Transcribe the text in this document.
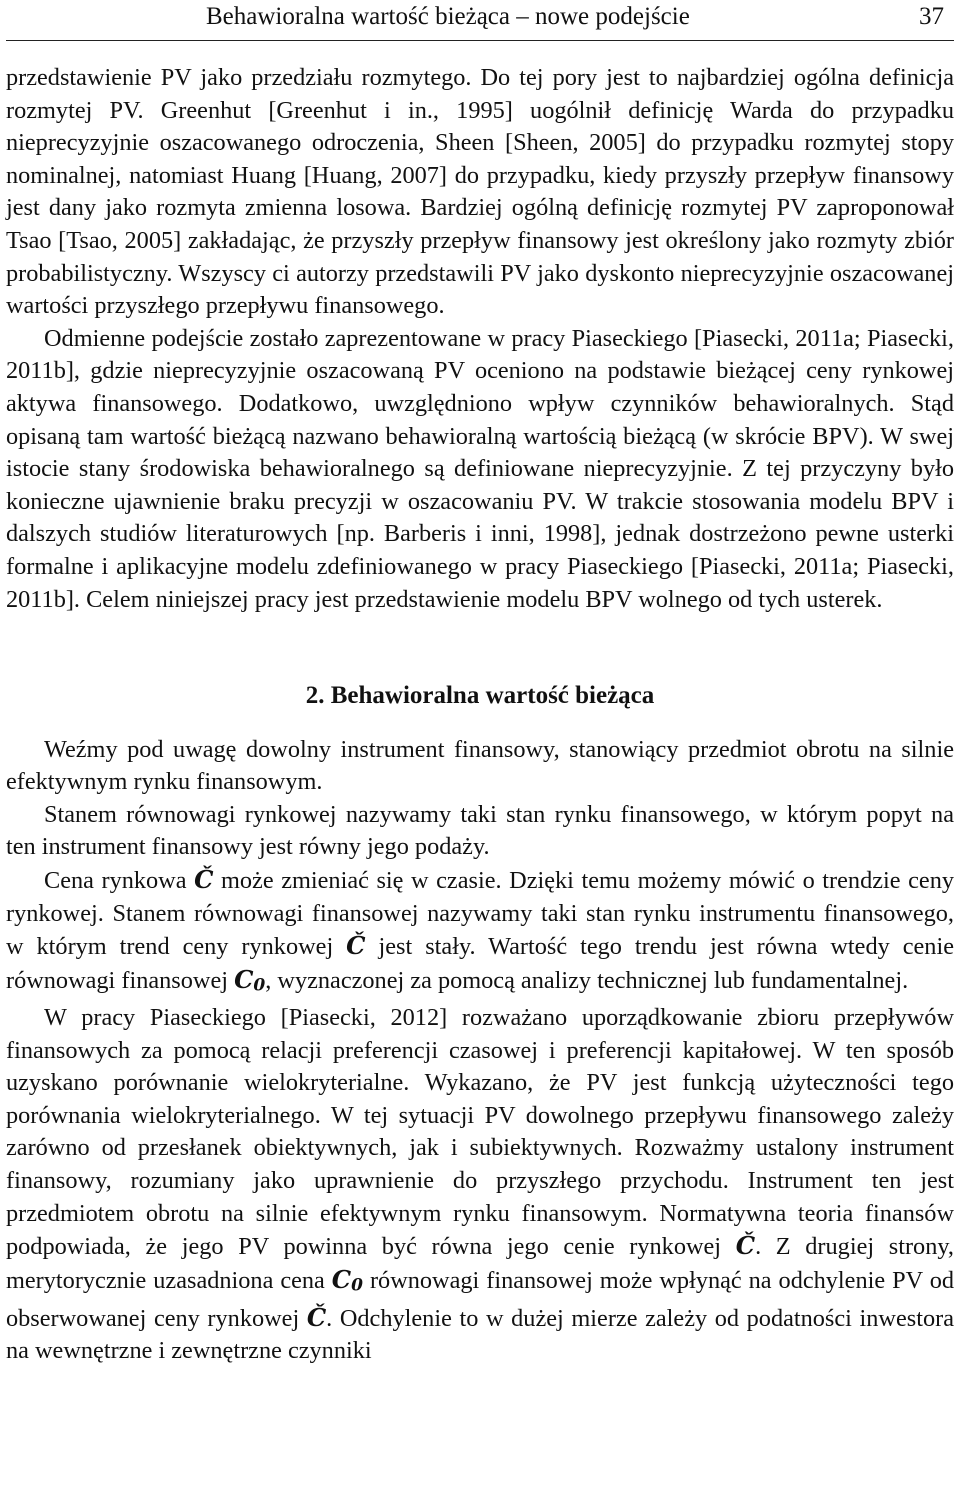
Behawioralna wartość bieżąca – nowe podejście	37

przedstawienie PV jako przedziału rozmytego. Do tej pory jest to najbardziej ogólna definicja rozmytej PV. Greenhut [Greenhut i in., 1995] uogólnił definicję Warda do przypadku nieprecyzyjnie oszacowanego odroczenia, Sheen [Sheen, 2005] do przypadku rozmytej stopy nominalnej, natomiast Huang [Huang, 2007] do przypadku, kiedy przyszły przepływ finansowy jest dany jako rozmyta zmienna losowa. Bardziej ogólną definicję rozmytej PV zaproponował Tsao [Tsao, 2005] zakładając, że przyszły przepływ finansowy jest określony jako rozmyty zbiór probabilistyczny. Wszyscy ci autorzy przedstawili PV jako dyskonto nieprecyzyjnie oszacowanej wartości przyszłego przepływu finansowego.

Odmienne podejście zostało zaprezentowane w pracy Piaseckiego [Piasecki, 2011a; Piasecki, 2011b], gdzie nieprecyzyjnie oszacowaną PV oceniono na podstawie bieżącej ceny rynkowej aktywa finansowego. Dodatkowo, uwzględniono wpływ czynników behawioralnych. Stąd opisaną tam wartość bieżącą nazwano behawioralną wartością bieżącą (w skrócie BPV). W swej istocie stany środowiska behawioralnego są definiowane nieprecyzyjnie. Z tej przyczyny było konieczne ujawnienie braku precyzji w oszacowaniu PV. W trakcie stosowania modelu BPV i dalszych studiów literaturowych [np. Barberis i inni, 1998], jednak dostrzeżono pewne usterki formalne i aplikacyjne modelu zdefiniowanego w pracy Piaseckiego [Piasecki, 2011a; Piasecki, 2011b]. Celem niniejszej pracy jest przedstawienie modelu BPV wolnego od tych usterek.

2. Behawioralna wartość bieżąca

Weźmy pod uwagę dowolny instrument finansowy, stanowiący przedmiot obrotu na silnie efektywnym rynku finansowym.

Stanem równowagi rynkowej nazywamy taki stan rynku finansowego, w którym popyt na ten instrument finansowy jest równy jego podaży.

Cena rynkowa Č może zmieniać się w czasie. Dzięki temu możemy mówić o trendzie ceny rynkowej. Stanem równowagi finansowej nazywamy taki stan rynku instrumentu finansowego, w którym trend ceny rynkowej Č jest stały. Wartość tego trendu jest równa wtedy cenie równowagi finansowej C0, wyznaczonej za pomocą analizy technicznej lub fundamentalnej.

W pracy Piaseckiego [Piasecki, 2012] rozważano uporządkowanie zbioru przepływów finansowych za pomocą relacji preferencji czasowej i preferencji kapitałowej. W ten sposób uzyskano porównanie wielokryterialne. Wykazano, że PV jest funkcją użyteczności tego porównania wielokryterialnego. W tej sytuacji PV dowolnego przepływu finansowego zależy zarówno od przesłanek obiektywnych, jak i subiektywnych. Rozważmy ustalony instrument finansowy, rozumiany jako uprawnienie do przyszłego przychodu. Instrument ten jest przedmiotem obrotu na silnie efektywnym rynku finansowym. Normatywna teoria finansów podpowiada, że jego PV powinna być równa jego cenie rynkowej Č. Z drugiej strony, merytorycznie uzasadniona cena C0 równowagi finansowej może wpłynąć na odchylenie PV od obserwowanej ceny rynkowej Č. Odchylenie to w dużej mierze zależy od podatności inwestora na wewnętrzne i zewnętrzne czynniki
